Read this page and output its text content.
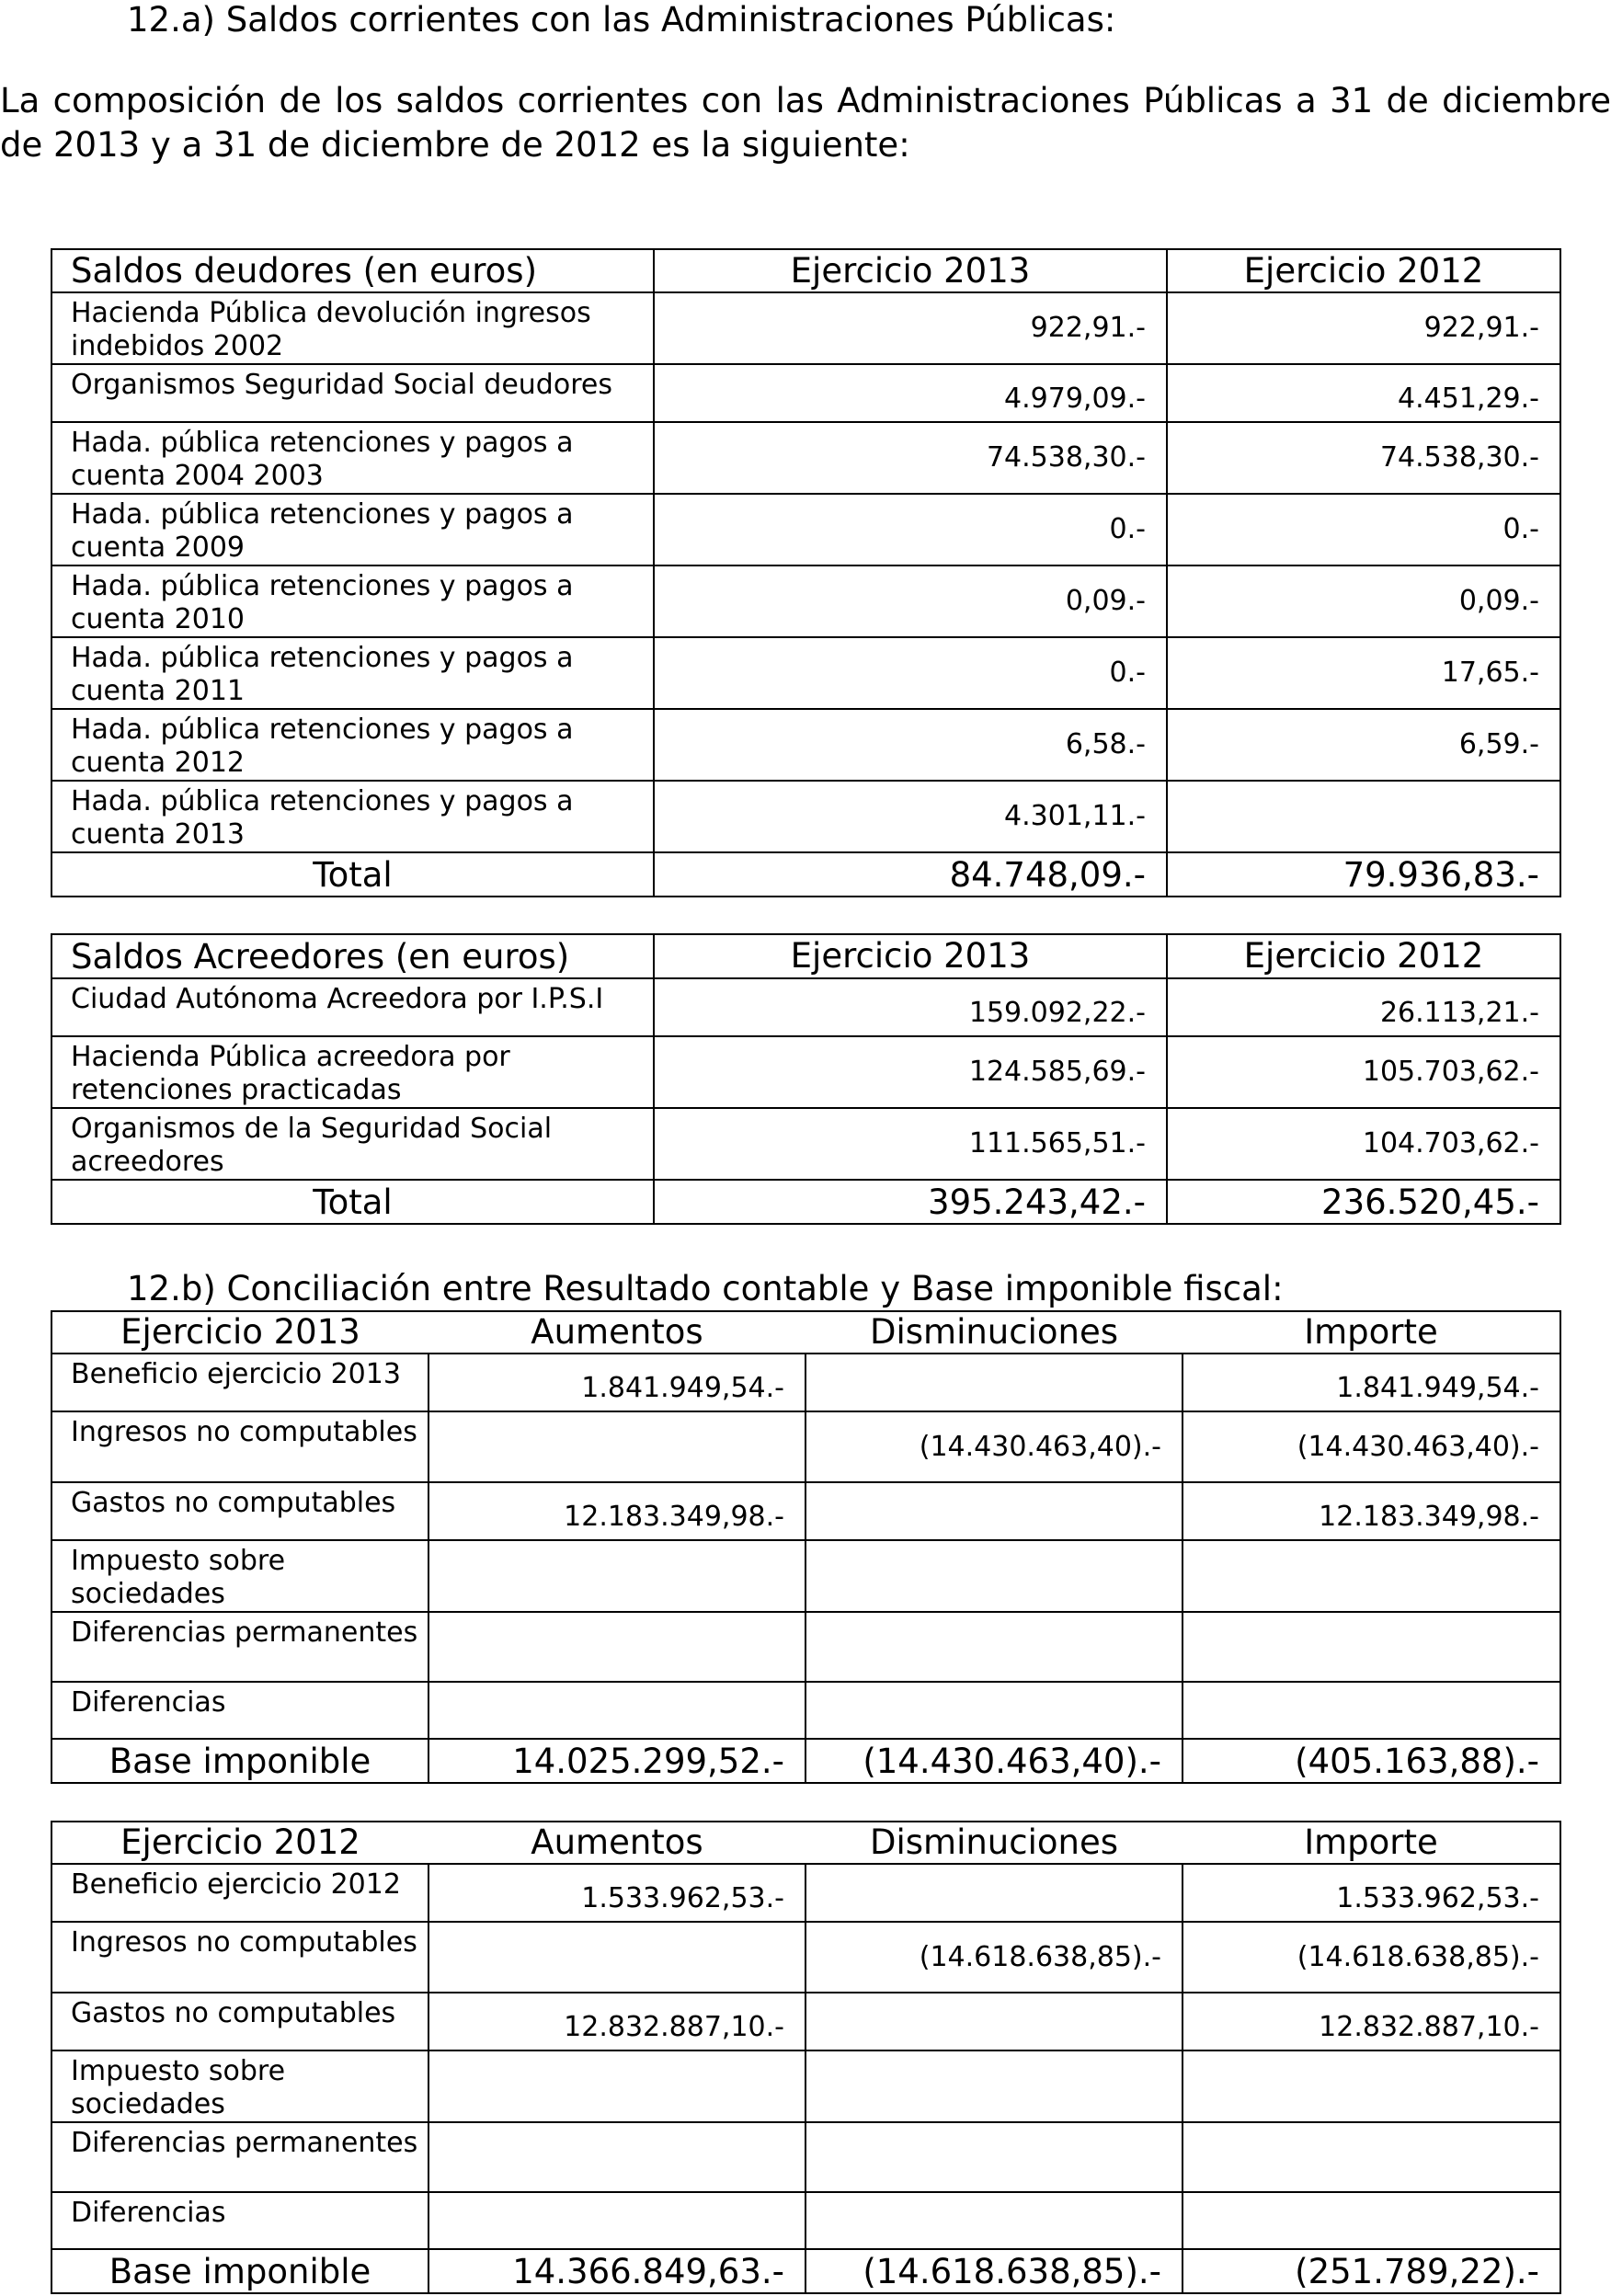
12.a) Saldos corrientes con las Administraciones Públicas:
La composición de los saldos corrientes con las Administraciones Públicas a 31 de diciembre de 2013 y a 31 de diciembre de 2012 es la siguiente:
Saldos deudores (en euros)	Ejercicio 2013	Ejercicio 2012
Hacienda Pública devolución ingresos indebidos 2002	922,91.-	922,91.-
Organismos Seguridad Social deudores	4.979,09.-	4.451,29.-
Hada. pública retenciones y pagos a cuenta 2004 2003	74.538,30.-	74.538,30.-
Hada. pública retenciones y pagos a cuenta 2009	0.-	0.-
Hada. pública retenciones y pagos a cuenta 2010	0,09.-	0,09.-
Hada. pública retenciones y pagos a cuenta 2011	0.-	17,65.-
Hada. pública retenciones y pagos a cuenta 2012	6,58.-	6,59.-
Hada. pública retenciones y pagos a cuenta 2013	4.301,11.-	
Total	84.748,09.-	79.936,83.-
Saldos Acreedores (en euros)	Ejercicio 2013	Ejercicio 2012
Ciudad Autónoma Acreedora por I.P.S.I	159.092,22.-	26.113,21.-
Hacienda Pública acreedora por retenciones practicadas	124.585,69.-	105.703,62.-
Organismos de la Seguridad Social acreedores	111.565,51.-	104.703,62.-
Total	395.243,42.-	236.520,45.-
12.b) Conciliación entre Resultado contable y Base imponible fiscal:
Ejercicio 2013	Aumentos	Disminuciones	Importe
Beneficio ejercicio 2013	1.841.949,54.-		1.841.949,54.-
Ingresos no computables		(14.430.463,40).-	(14.430.463,40).-
Gastos no computables	12.183.349,98.-		12.183.349,98.-
Impuesto sobre sociedades			
Diferencias permanentes			
Diferencias			
Base imponible	14.025.299,52.-	(14.430.463,40).-	(405.163,88).-
Ejercicio 2012	Aumentos	Disminuciones	Importe
Beneficio ejercicio 2012	1.533.962,53.-		1.533.962,53.-
Ingresos no computables		(14.618.638,85).-	(14.618.638,85).-
Gastos no computables	12.832.887,10.-		12.832.887,10.-
Impuesto sobre sociedades			
Diferencias permanentes			
Diferencias			
Base imponible	14.366.849,63.-	(14.618.638,85).-	(251.789,22).-
